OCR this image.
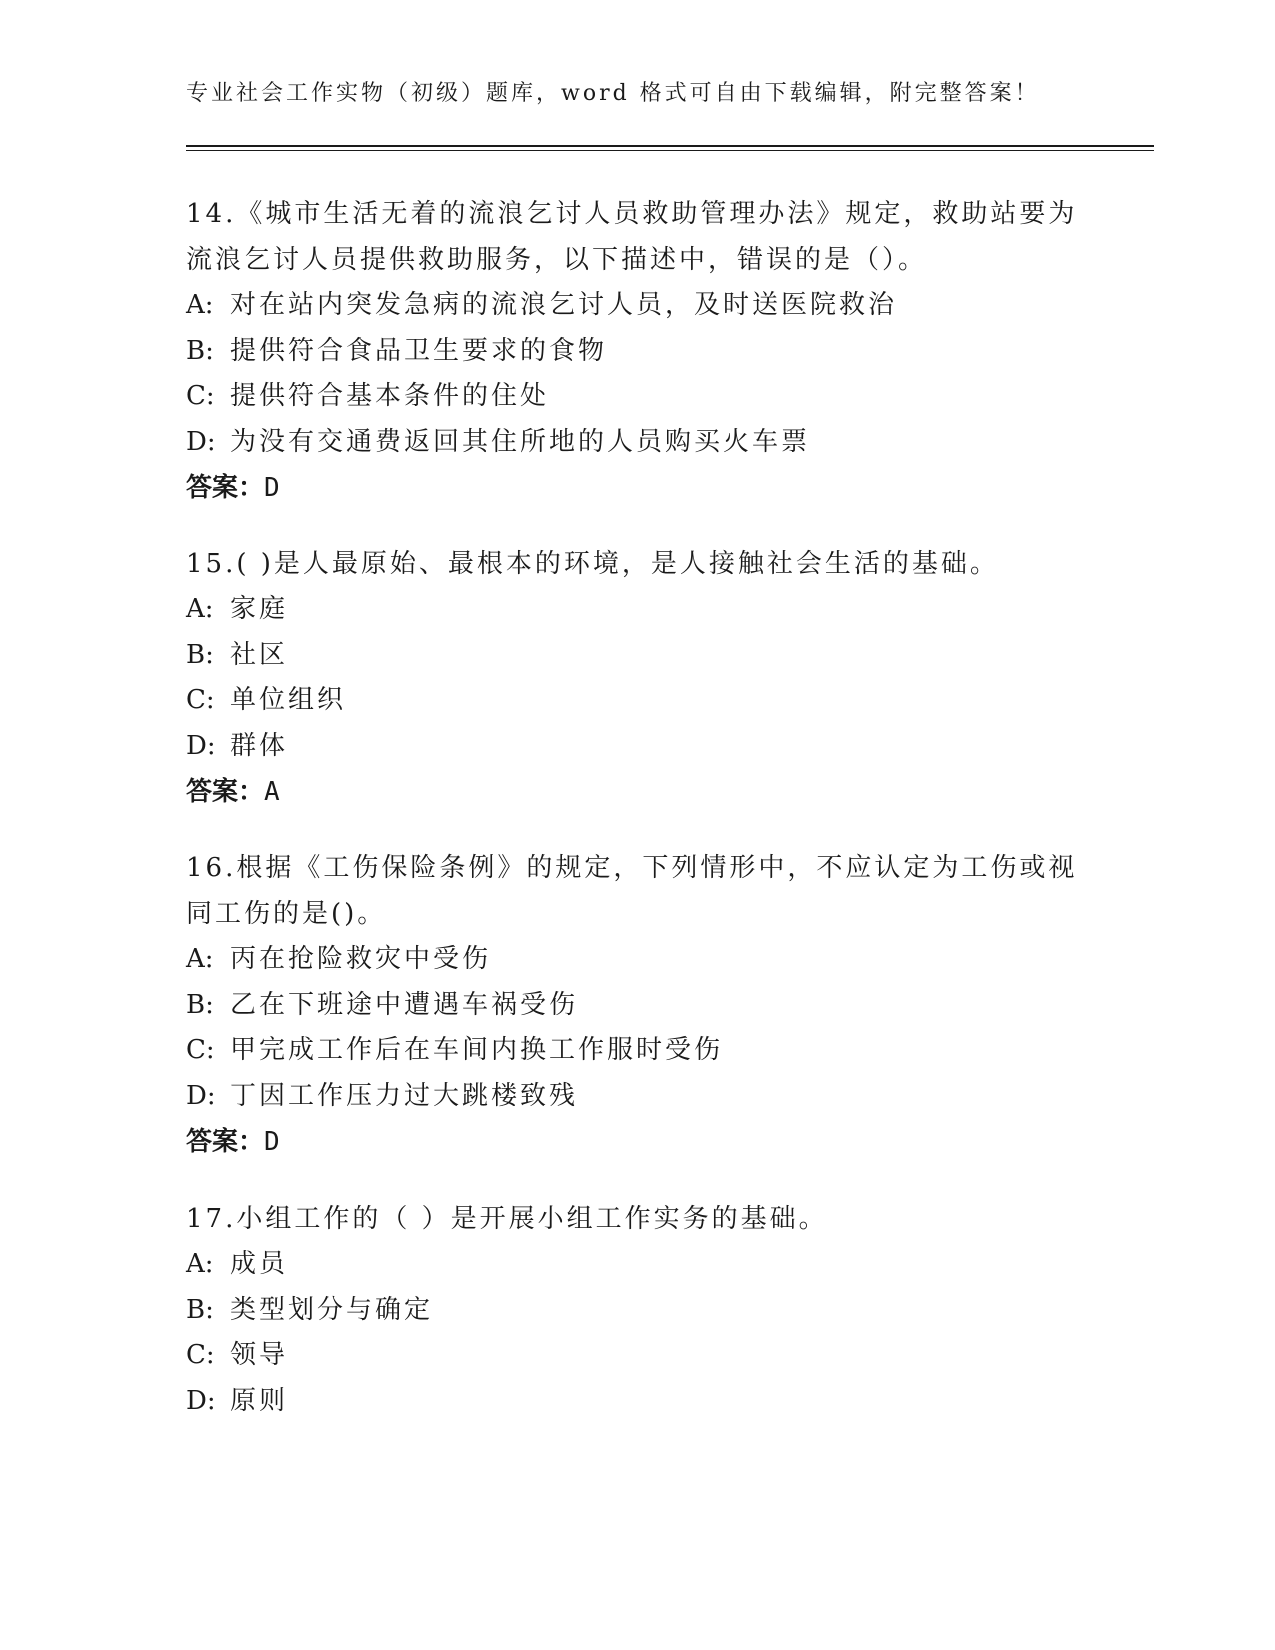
专业社会工作实物（初级）题库，word 格式可自由下载编辑，附完整答案！
14.《城市生活无着的流浪乞讨人员救助管理办法》规定，救助站要为流浪乞讨人员提供救助服务，以下描述中，错误的是（）。
A: 对在站内突发急病的流浪乞讨人员，及时送医院救治
B: 提供符合食品卫生要求的食物
C: 提供符合基本条件的住处
D: 为没有交通费返回其住所地的人员购买火车票
答案：D
15.( )是人最原始、最根本的环境，是人接触社会生活的基础。
A: 家庭
B: 社区
C: 单位组织
D: 群体
答案：A
16.根据《工伤保险条例》的规定，下列情形中，不应认定为工伤或视同工伤的是()。
A: 丙在抢险救灾中受伤
B: 乙在下班途中遭遇车祸受伤
C: 甲完成工作后在车间内换工作服时受伤
D: 丁因工作压力过大跳楼致残
答案：D
17.小组工作的（ ）是开展小组工作实务的基础。
A: 成员
B: 类型划分与确定
C: 领导
D: 原则
